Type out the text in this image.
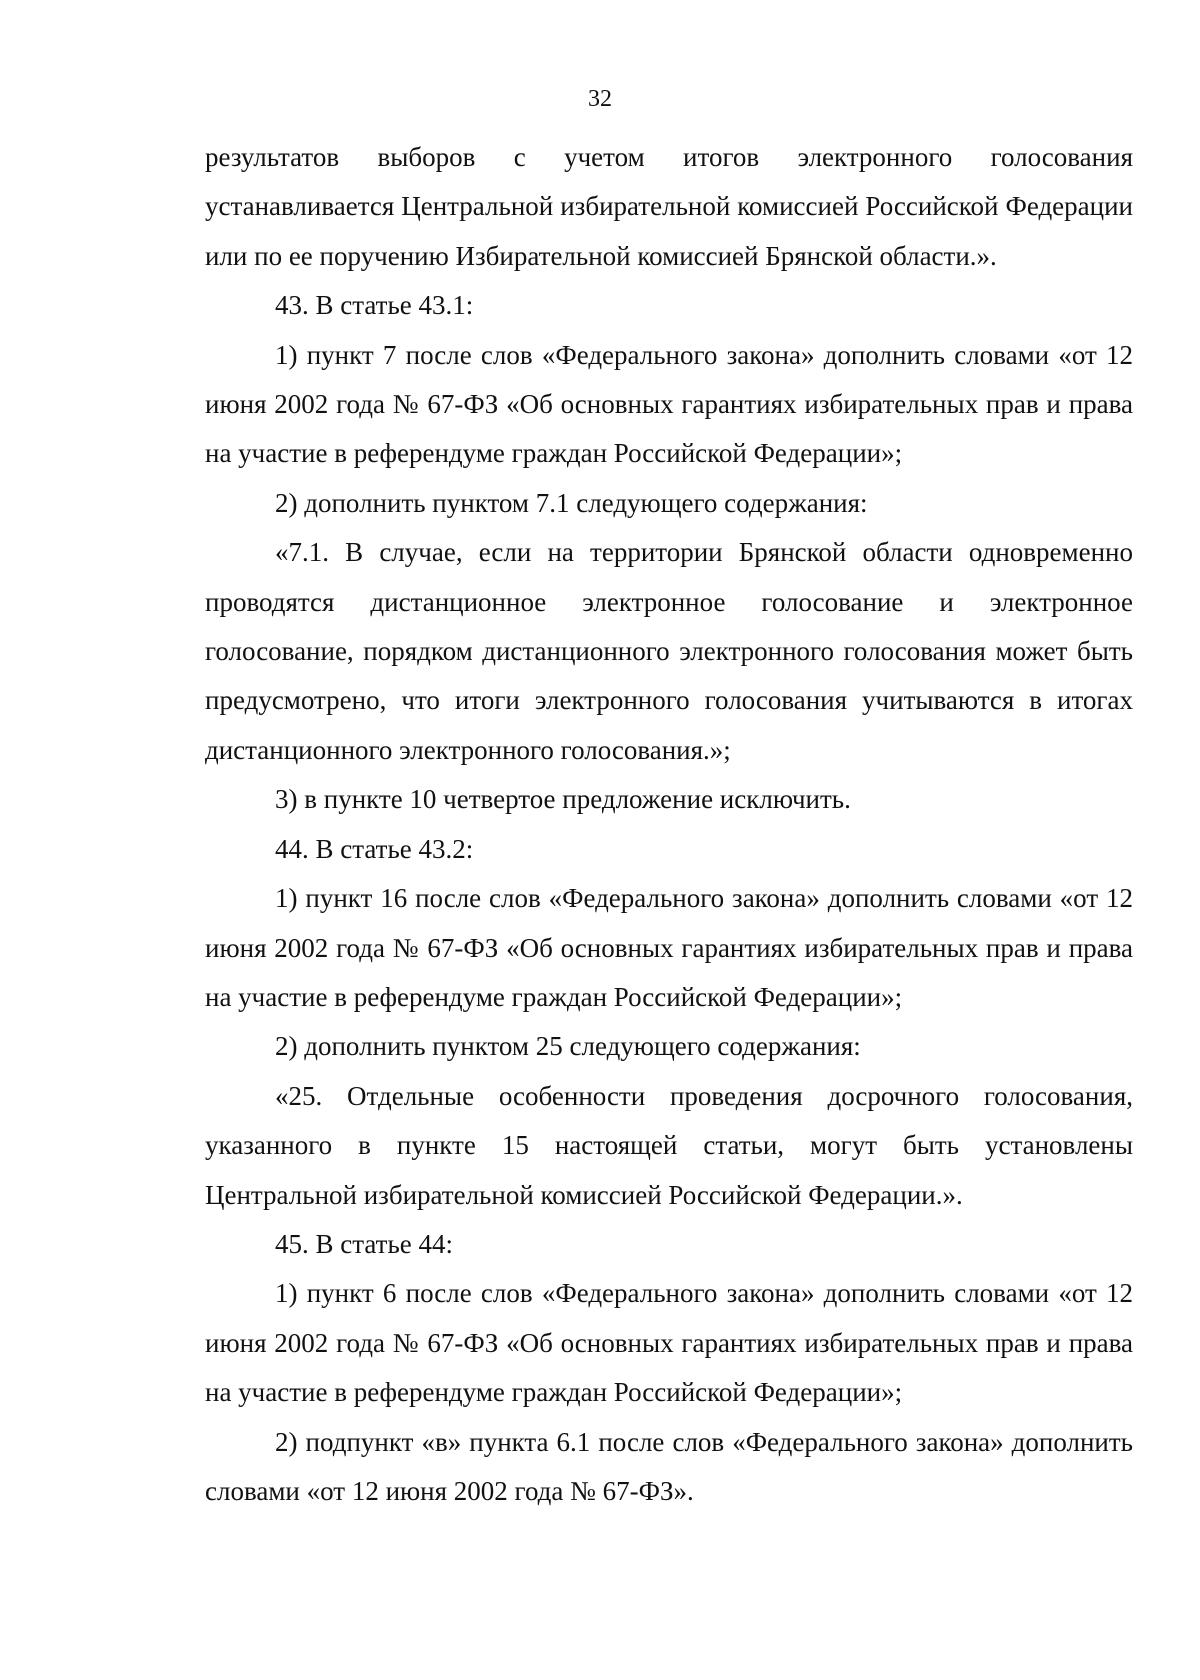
32

результатов выборов с учетом итогов электронного голосования устанавливается Центральной избирательной комиссией Российской Федерации или по ее поручению Избирательной комиссией Брянской области.».

43. В статье 43.1:

1) пункт 7 после слов «Федерального закона» дополнить словами «от 12 июня 2002 года № 67-ФЗ «Об основных гарантиях избирательных прав и права на участие в референдуме граждан Российской Федерации»;

2) дополнить пунктом 7.1 следующего содержания:

«7.1. В случае, если на территории Брянской области одновременно проводятся дистанционное электронное голосование и электронное голосование, порядком дистанционного электронного голосования может быть предусмотрено, что итоги электронного голосования учитываются в итогах дистанционного электронного голосования.»;

3) в пункте 10 четвертое предложение исключить.

44. В статье 43.2:

1) пункт 16 после слов «Федерального закона» дополнить словами «от 12 июня 2002 года № 67-ФЗ «Об основных гарантиях избирательных прав и права на участие в референдуме граждан Российской Федерации»;

2) дополнить пунктом 25 следующего содержания:

«25. Отдельные особенности проведения досрочного голосования, указанного в пункте 15 настоящей статьи, могут быть установлены Центральной избирательной комиссией Российской Федерации.».

45. В статье 44:

1) пункт 6 после слов «Федерального закона» дополнить словами «от 12 июня 2002 года № 67-ФЗ «Об основных гарантиях избирательных прав и права на участие в референдуме граждан Российской Федерации»;

2) подпункт «в» пункта 6.1 после слов «Федерального закона» дополнить словами «от 12 июня 2002 года № 67-ФЗ».
